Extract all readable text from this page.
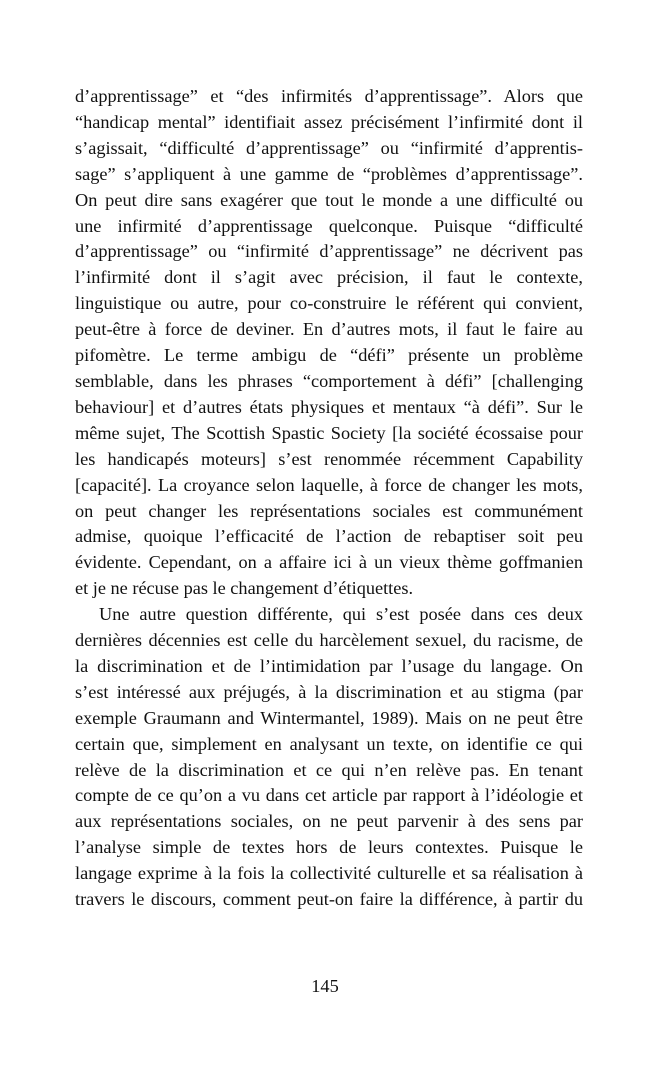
d’apprentissage” et “des infirmités d’apprentissage”. Alors que
“handicap mental” identifiait assez précisément l’infirmité dont il
s’agissait, “difficulté d’apprentissage” ou “infirmité d’apprentis-
sage” s’appliquent à une gamme de “problèmes d’apprentissage”.
On peut dire sans exagérer que tout le monde a une difficulté ou
une infirmité d’apprentissage quelconque. Puisque “difficulté
d’apprentissage” ou “infirmité d’apprentissage” ne décrivent pas
l’infirmité dont il s’agit avec précision, il faut le contexte,
linguistique ou autre, pour co-construire le référent qui convient,
peut-être à force de deviner. En d’autres mots, il faut le faire au
pifomètre. Le terme ambigu de “défi” présente un problème
semblable, dans les phrases “comportement à défi” [challenging
behaviour] et d’autres états physiques et mentaux “à défi”. Sur le
même sujet, The Scottish Spastic Society [la société écossaise pour
les handicapés moteurs] s’est renommée récemment Capability
[capacité]. La croyance selon laquelle, à force de changer les mots,
on peut changer les représentations sociales est communément
admise, quoique l’efficacité de l’action de rebaptiser soit peu
évidente. Cependant, on a affaire ici à un vieux thème goffmanien
et je ne récuse pas le changement d’étiquettes.
Une autre question différente, qui s’est posée dans ces deux
dernières décennies est celle du harcèlement sexuel, du racisme, de
la discrimination et de l’intimidation par l’usage du langage. On
s’est intéressé aux préjugés, à la discrimination et au stigma (par
exemple Graumann and Wintermantel, 1989). Mais on ne peut être
certain que, simplement en analysant un texte, on identifie ce qui
relève de la discrimination et ce qui n’en relève pas. En tenant
compte de ce qu’on a vu dans cet article par rapport à l’idéologie et
aux représentations sociales, on ne peut parvenir à des sens par
l’analyse simple de textes hors de leurs contextes. Puisque le
langage exprime à la fois la collectivité culturelle et sa réalisation à
travers le discours, comment peut-on faire la différence, à partir du
145
